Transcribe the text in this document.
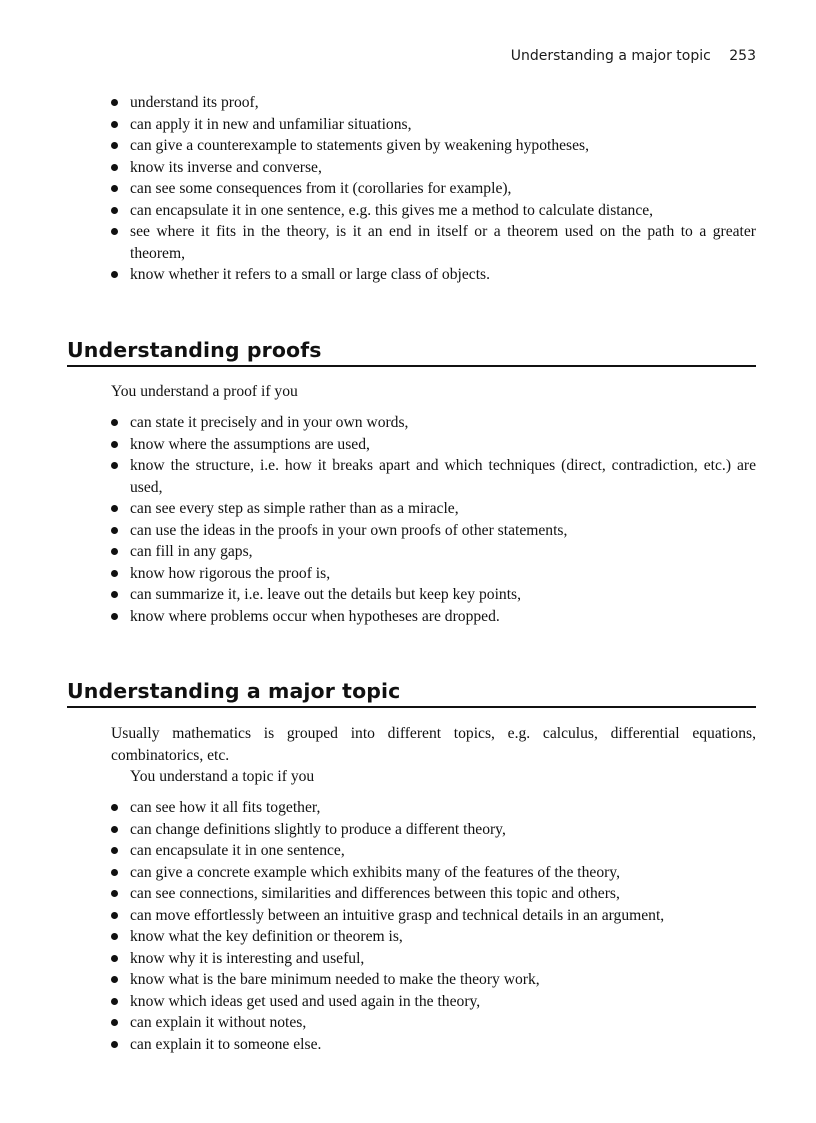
Understanding a major topic 253
understand its proof,
can apply it in new and unfamiliar situations,
can give a counterexample to statements given by weakening hypotheses,
know its inverse and converse,
can see some consequences from it (corollaries for example),
can encapsulate it in one sentence, e.g. this gives me a method to calculate distance,
see where it fits in the theory, is it an end in itself or a theorem used on the path to a greater theorem,
know whether it refers to a small or large class of objects.
Understanding proofs

You understand a proof if you

can state it precisely and in your own words,
know where the assumptions are used,
know the structure, i.e. how it breaks apart and which techniques (direct, contradiction, etc.) are used,
can see every step as simple rather than as a miracle,
can use the ideas in the proofs in your own proofs of other statements,
can fill in any gaps,
know how rigorous the proof is,
can summarize it, i.e. leave out the details but keep key points,
know where problems occur when hypotheses are dropped.
Understanding a major topic

Usually mathematics is grouped into different topics, e.g. calculus, differential equations, combinatorics, etc.

You understand a topic if you

can see how it all fits together,
can change definitions slightly to produce a different theory,
can encapsulate it in one sentence,
can give a concrete example which exhibits many of the features of the theory,
can see connections, similarities and differences between this topic and others,
can move effortlessly between an intuitive grasp and technical details in an argument,
know what the key definition or theorem is,
know why it is interesting and useful,
know what is the bare minimum needed to make the theory work,
know which ideas get used and used again in the theory,
can explain it without notes,
can explain it to someone else.
